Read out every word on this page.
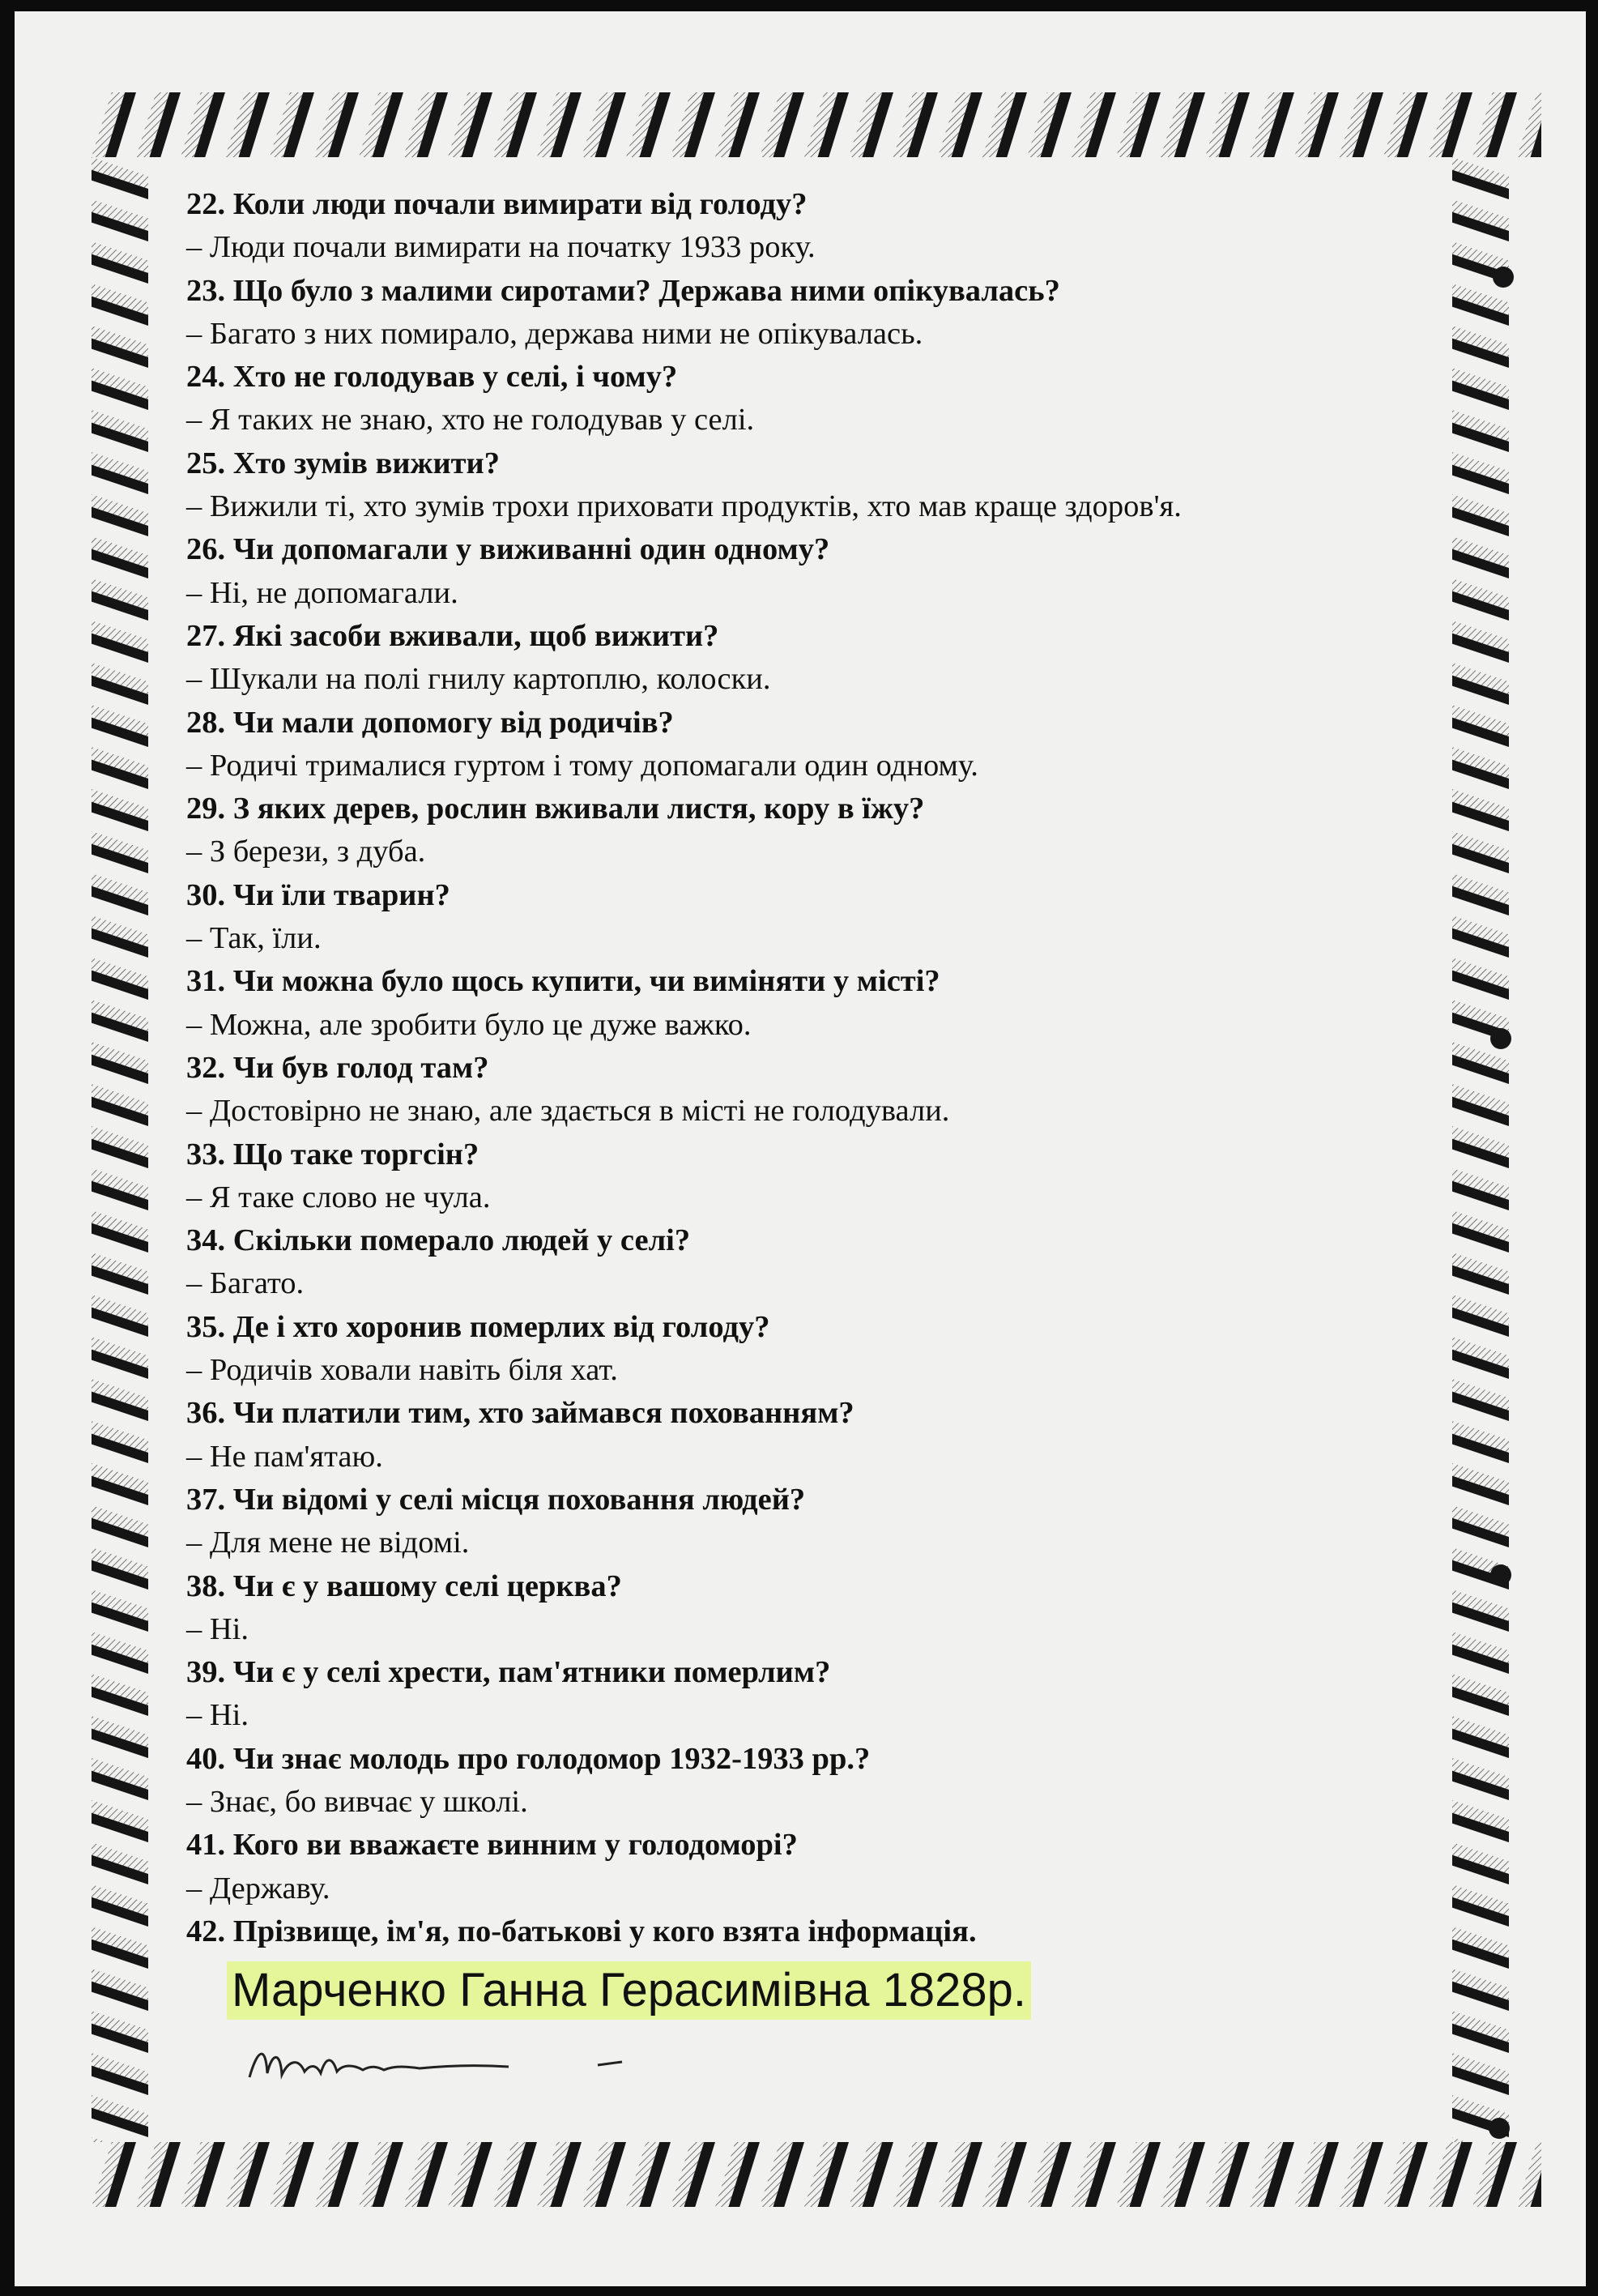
22. Коли люди почали вимирати від голоду?

– Люди почали вимирати на початку 1933 року.

23. Що було з малими сиротами? Держава ними опікувалась?

– Багато з них помирало, держава ними не опікувалась.

24. Хто не голодував у селі, і чому?

– Я таких не знаю, хто не голодував у селі.

25. Хто зумів вижити?

– Вижили ті, хто зумів трохи приховати продуктів, хто мав краще здоров'я.

26. Чи допомагали у виживанні один одному?

– Ні, не допомагали.

27. Які засоби вживали, щоб вижити?

– Шукали на полі гнилу картоплю, колоски.

28. Чи мали допомогу від родичів?

– Родичі трималися гуртом і тому допомагали один одному.

29. З яких дерев, рослин вживали листя, кору в їжу?

– З берези, з дуба.

30. Чи їли тварин?

– Так, їли.

31. Чи можна було щось купити, чи виміняти у місті?

– Можна, але зробити було це дуже важко.

32. Чи був голод там?

– Достовірно не знаю, але здається в місті не голодували.

33. Що таке торгсін?

– Я таке слово не чула.

34. Скільки померало людей у селі?

– Багато.

35. Де і хто хоронив померлих від голоду?

– Родичів ховали навіть біля хат.

36. Чи платили тим, хто займався похованням?

– Не пам'ятаю.

37. Чи відомі у селі місця поховання людей?

– Для мене не відомі.

38. Чи є у вашому селі церква?

– Ні.

39. Чи є у селі хрести, пам'ятники померлим?

– Ні.

40. Чи знає молодь про голодомор 1932-1933 рр.?

– Знає, бо вивчає у школі.

41. Кого ви вважаєте винним у голодоморі?

– Державу.

42. Прізвище, ім'я, по-батькові у кого взята інформація.

Марченко Ганна Герасимівна 1828р.
